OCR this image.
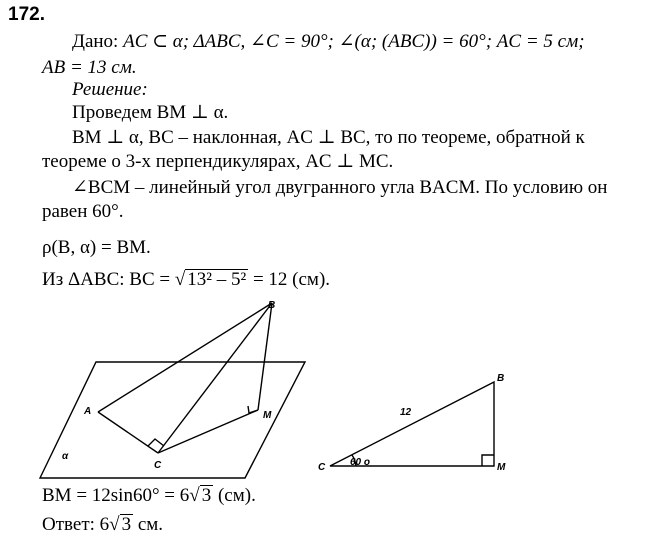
172.
Дано: AC ⊂ α; ΔABC, ∠C = 90°; ∠(α; (ABC)) = 60°; AC = 5 см;
AB = 13 см.
Решение:
Проведем BM ⊥ α.
BM ⊥ α, BC – наклонная, AC ⊥ BC, то по теореме, обратной к
теореме о 3-х перпендикулярах, AC ⊥ MC.
∠BCM – линейный угол двугранного угла BACM. По условию он
равен 60°.
ρ(B, α) = BM.
Из ΔABC: BC = √ 13² – 5² = 12 (см).
BM = 12sin60° = 6√ 3 (см).
Ответ: 6√ 3 см.
B
A
C
M
α
B
C	M
12
60 o
